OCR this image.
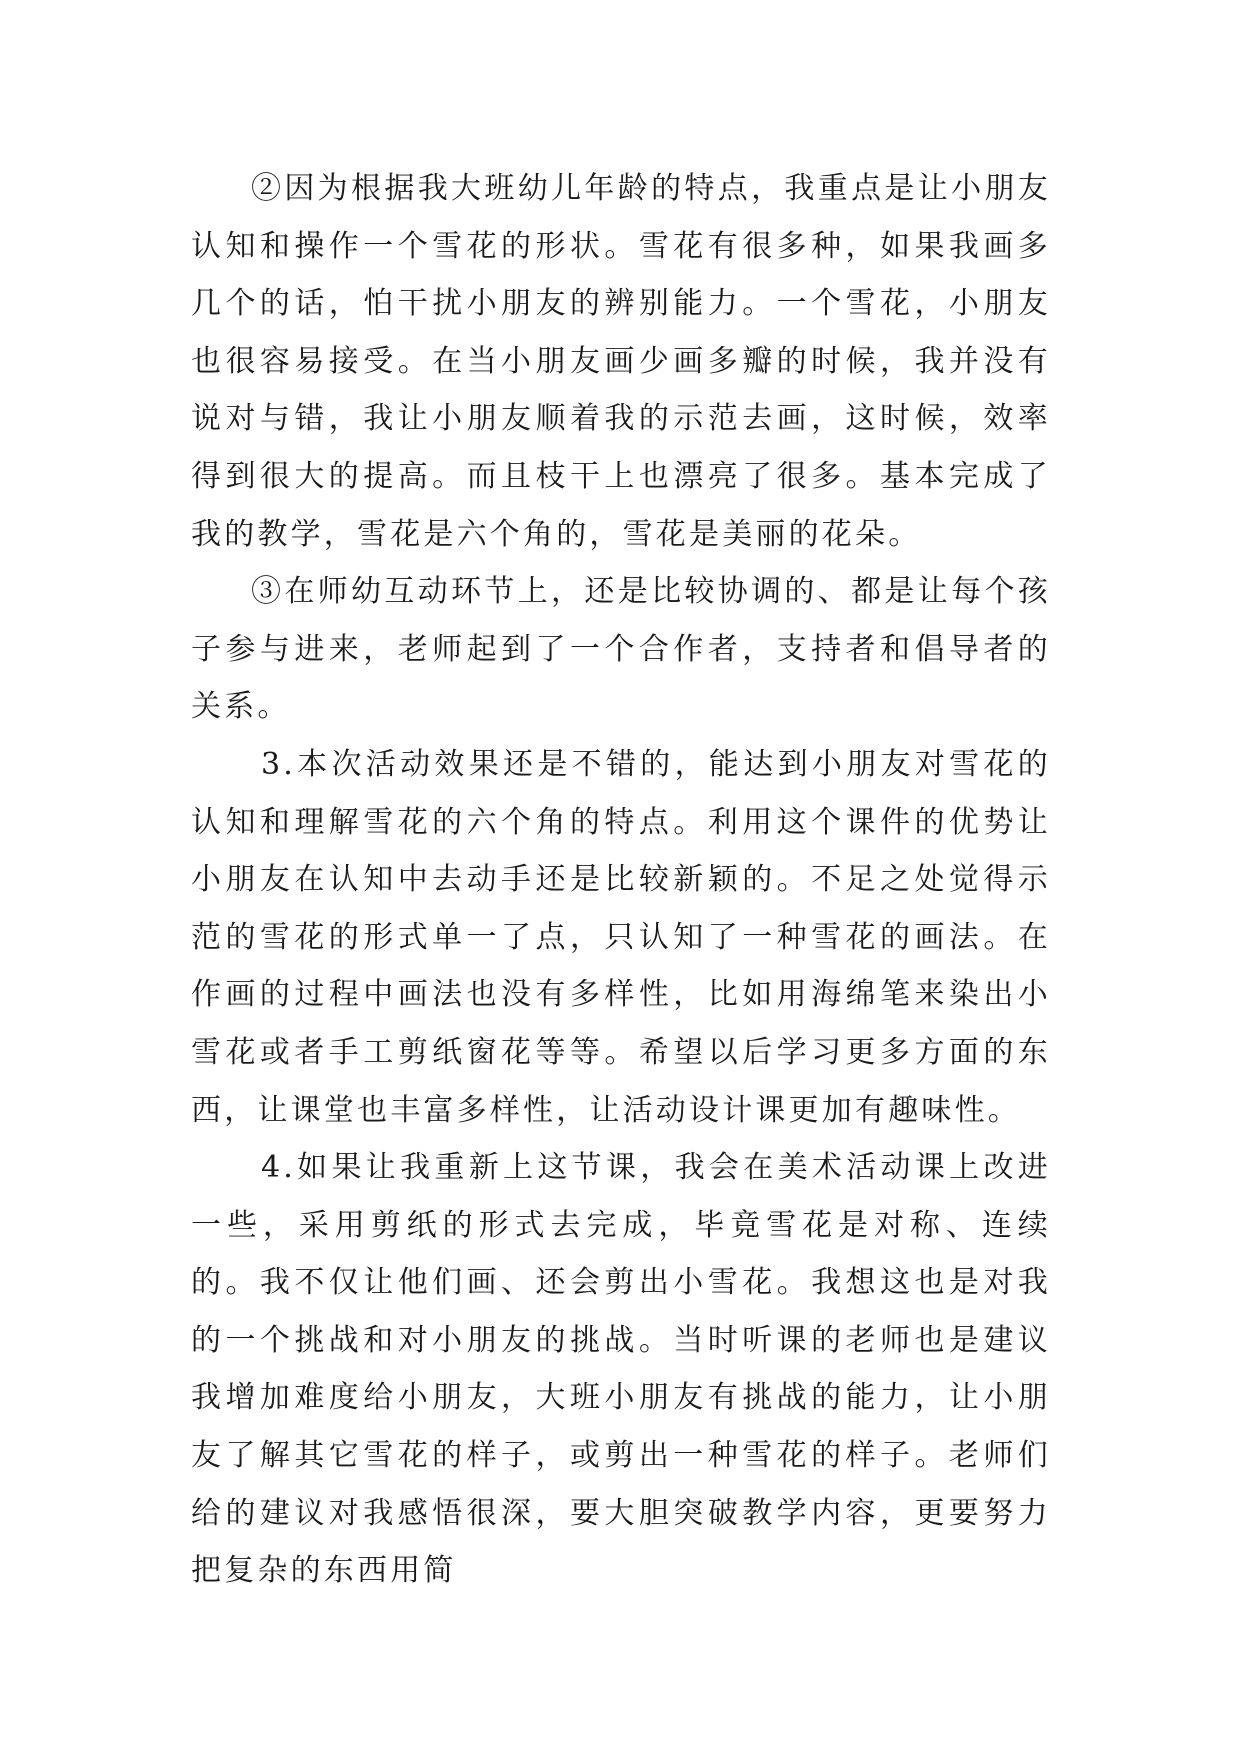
②因为根据我大班幼儿年龄的特点，我重点是让小朋友认知和操作一个雪花的形状。雪花有很多种，如果我画多几个的话，怕干扰小朋友的辨别能力。一个雪花，小朋友也很容易接受。在当小朋友画少画多瓣的时候，我并没有说对与错，我让小朋友顺着我的示范去画，这时候，效率得到很大的提高。而且枝干上也漂亮了很多。基本完成了我的教学，雪花是六个角的，雪花是美丽的花朵。

③在师幼互动环节上，还是比较协调的、都是让每个孩子参与进来，老师起到了一个合作者，支持者和倡导者的关系。

3.本次活动效果还是不错的，能达到小朋友对雪花的认知和理解雪花的六个角的特点。利用这个课件的优势让小朋友在认知中去动手还是比较新颖的。不足之处觉得示范的雪花的形式单一了点，只认知了一种雪花的画法。在作画的过程中画法也没有多样性，比如用海绵笔来染出小雪花或者手工剪纸窗花等等。希望以后学习更多方面的东西，让课堂也丰富多样性，让活动设计课更加有趣味性。

4.如果让我重新上这节课，我会在美术活动课上改进一些，采用剪纸的形式去完成，毕竟雪花是对称、连续的。我不仅让他们画、还会剪出小雪花。我想这也是对我的一个挑战和对小朋友的挑战。当时听课的老师也是建议我增加难度给小朋友，大班小朋友有挑战的能力，让小朋友了解其它雪花的样子，或剪出一种雪花的样子。老师们给的建议对我感悟很深，要大胆突破教学内容，更要努力把复杂的东西用简
